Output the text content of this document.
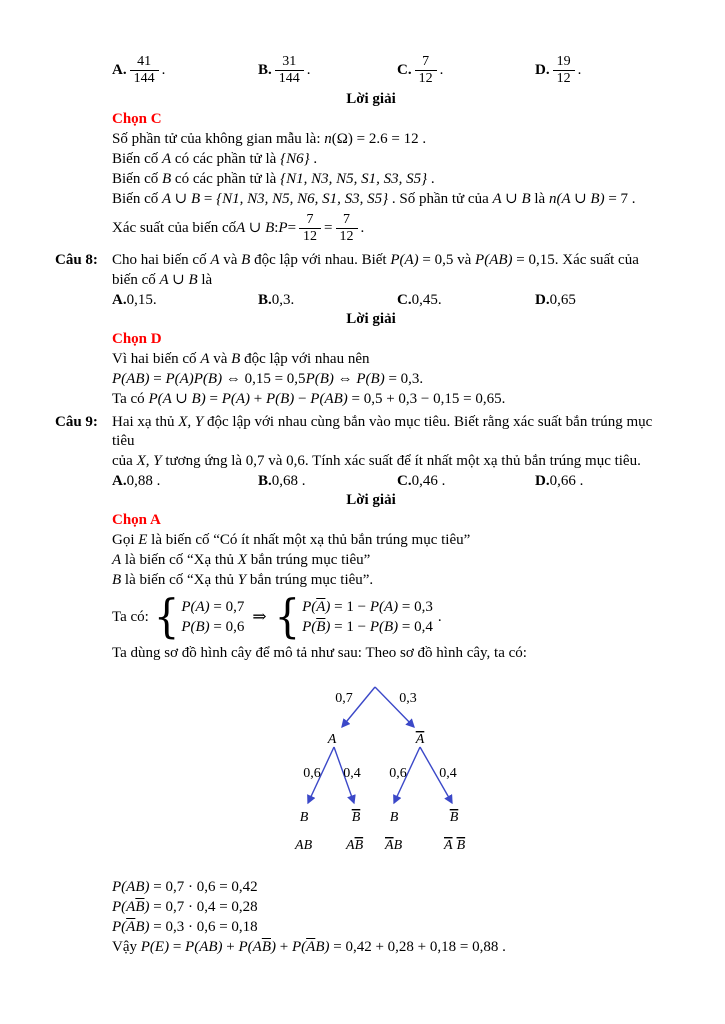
A. $\frac{41}{144}$ .	B. $\frac{31}{144}$ .	C. $\frac{7}{12}$ .	D. $\frac{19}{12}$ .
Lời giải
Chọn C
Số phần tử của không gian mẫu là: n(Ω) = 2.6 = 12 .
Biến cố A có các phần tử là {N6} .
Biến cố B có các phần tử là {N1, N3, N5, S1, S3, S5} .
Biến cố A ∪ B = {N1, N3, N5, N6, S1, S3, S5} . Số phần tử của A ∪ B là n(A ∪ B) = 7 .
Xác suất của biến cố A ∪ B : $P = \frac{7}{12} = \frac{7}{12}$ .
Câu 8: Cho hai biến cố A và B độc lập với nhau. Biết P(A) = 0,5 và P(AB) = 0,15. Xác suất của
biến cố A ∪ B là
A. 0,15.	B. 0,3.	C. 0,45.	D. 0,65
Lời giải
Chọn D
Vì hai biến cố A và B độc lập với nhau nên
P(AB) = P(A)P(B) ⇔ 0,15 = 0,5P(B) ⇔ P(B) = 0,3.
Ta có P(A ∪ B) = P(A) + P(B) − P(AB) = 0,5 + 0,3 − 0,15 = 0,65.
Câu 9: Hai xạ thủ X, Y độc lập với nhau cùng bắn vào mục tiêu. Biết rằng xác suất bắn trúng mục tiêu
của X, Y tương ứng là 0,7 và 0,6. Tính xác suất để ít nhất một xạ thủ bắn trúng mục tiêu.
A. 0,88 .	B. 0,68 .	C. 0,46 .	D. 0,66 .
Lời giải
Chọn A
Gọi E là biến cố “Có ít nhất một xạ thủ bắn trúng mục tiêu”
A là biến cố “Xạ thủ X bắn trúng mục tiêu”
B là biến cố “Xạ thủ Y bắn trúng mục tiêu”.
Ta có: { P(A) = 0,7
P(B) = 0,6
⇒ { $P(\overline{A}) = 1 - P(A) = 0,3$
$P(\overline{B}) = 1 - P(B) = 0,4$
.
Ta dùng sơ đồ hình cây để mô tả như sau: Theo sơ đồ hình cây, ta có:
0,7	0,3
A	A
0,6 0,4 0,6 0,4
B	B B	B
AB AB AB	A B
P(AB) = 0,7 · 0,6 = 0,42
$P(A\overline{B}) = 0,7 \cdot 0,4 = 0,28$
$P(\overline{A}B) = 0,3 \cdot 0,6 = 0,18$
Vậy $P(E) = P(AB) + P(A\overline{B}) + P(\overline{A}B) = 0,42 + 0,28 + 0,18 = 0,88$ .
